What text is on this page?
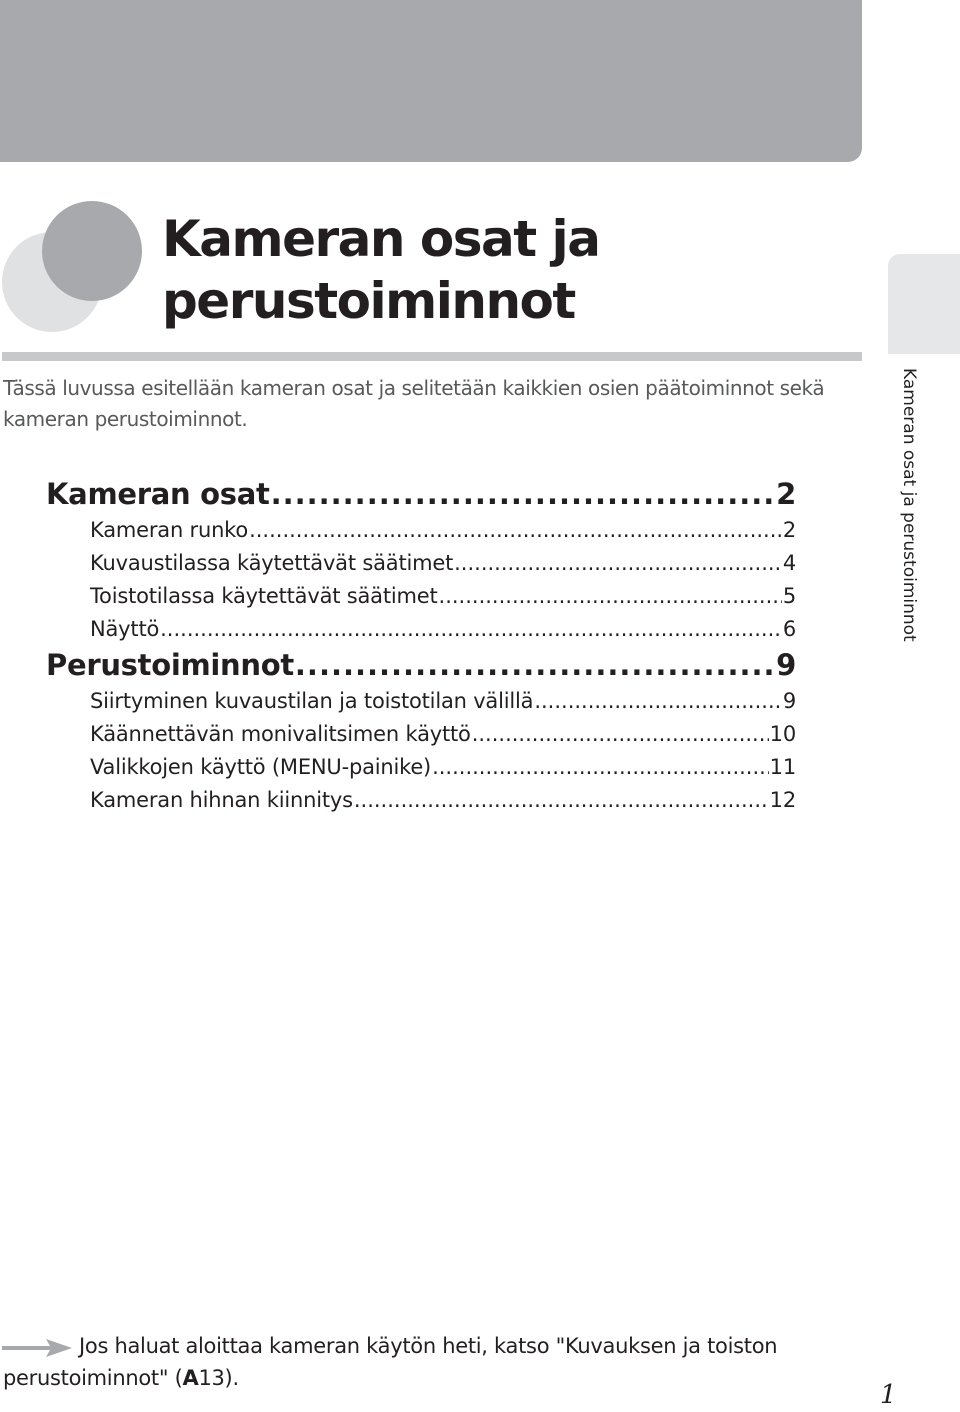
Kameran osat ja
perustoiminnot

Tässä luvussa esitellään kameran osat ja selitetään kaikkien osien päätoiminnot sekä kameran perustoiminnot.

Kameran osat .....	2
Kameran runko .....	2
Kuvaustilassa käytettävät säätimet .....	4
Toistotilassa käytettävät säätimet .....	5
Näyttö .....	6
Perustoiminnot .....	9
Siirtyminen kuvaustilan ja toistotilan välillä .....	9
Käännettävän monivalitsimen käyttö .....	10
Valikkojen käyttö (MENU-painike) .....	11
Kameran hihnan kiinnitys .....	12
Kameran osat ja perustoiminnot

Jos haluat aloittaa kameran käytön heti, katso "Kuvauksen ja toiston perustoiminnot" (A13).

1
